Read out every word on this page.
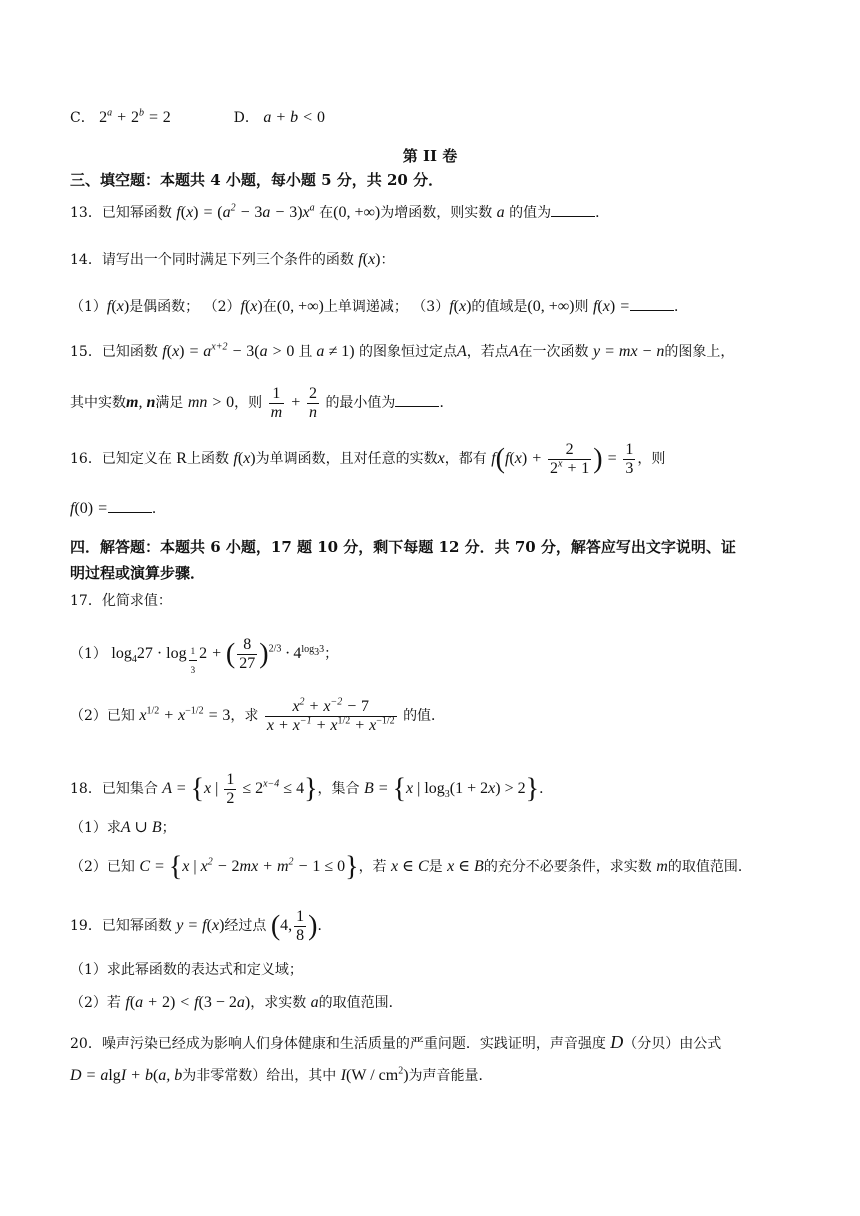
C． $2^a + 2^b = 2$	D． a + b < 0
第 II 卷
三、填空题：本题共 4 小题，每小题 5 分，共 20 分．
13．已知幂函数 $f(x) = (a^2 - 3a - 3)x^a$ 在(0, +∞)为增函数，则实数 a 的值为	．
14．请写出一个同时满足下列三个条件的函数 f(x)：
（1）f(x)是偶函数； （2）f(x)在(0, +∞)上单调递减； （3）f(x)的值域是(0, +∞)则 f(x) =	．
15．已知函数 $f(x) = a^{x+2} - 3(a > 0$ 且 a ≠ 1) 的图象恒过定点A，若点A在一次函数 y = mx − n的图象上，
其中实数m, n满足 mn > 0，则 $\frac{1}{m} + \frac{2}{n}$ 的最小值为	．
16．已知定义在 R上函数 f(x)为单调函数，且对任意的实数x，都有 $f(f(x) + \frac{2}{2^x + 1}$ ) = $\frac{1}{3}$ ，则
f(0) =	．
四．解答题：本题共 6 小题，17 题 10 分，剩下每题 12 分．共 70 分，解答应写出文字说明、证
明过程或演算步骤．
17．化简求值：
（1） $\log_427 \cdot \log _{\frac{1}{3}}$ 2 + ( $\frac{8}{27} )^{2/3} \cdot 4^{log_33}$；
（2）已知 $x^{1/2} + x^{-1/2} = 3$，求 $\frac{x^2 + x^{-2} - 7}{x + x^{-1} + x^{1/2} + x^{-1/2}}$ 的值．
18．已知集合 A = {x | $\frac{1}{2} \le 2^{x-4} \le 4$}，集合 B = {x | $\log_3(1 + 2x) > 2$}．
（1）求A ∪ B；
（2）已知 C = {x | $x^2 - 2mx + m^2 - 1 \le 0$}，若 x ∈ C是 x ∈ B的充分不必要条件，求实数 m的取值范围．
19．已知幂函数 y = f(x)经过点 (4, $\frac{1}{8}$ )．
（1）求此幂函数的表达式和定义域；
（2）若 f(a + 2) < f(3 − 2a)，求实数 a的取值范围．
20．噪声污染已经成为影响人们身体健康和生活质量的严重问题．实践证明，声音强度 D（分贝）由公式
D = algI + b(a, b为非零常数）给出，其中 $I(W / cm^2)$为声音能量．
